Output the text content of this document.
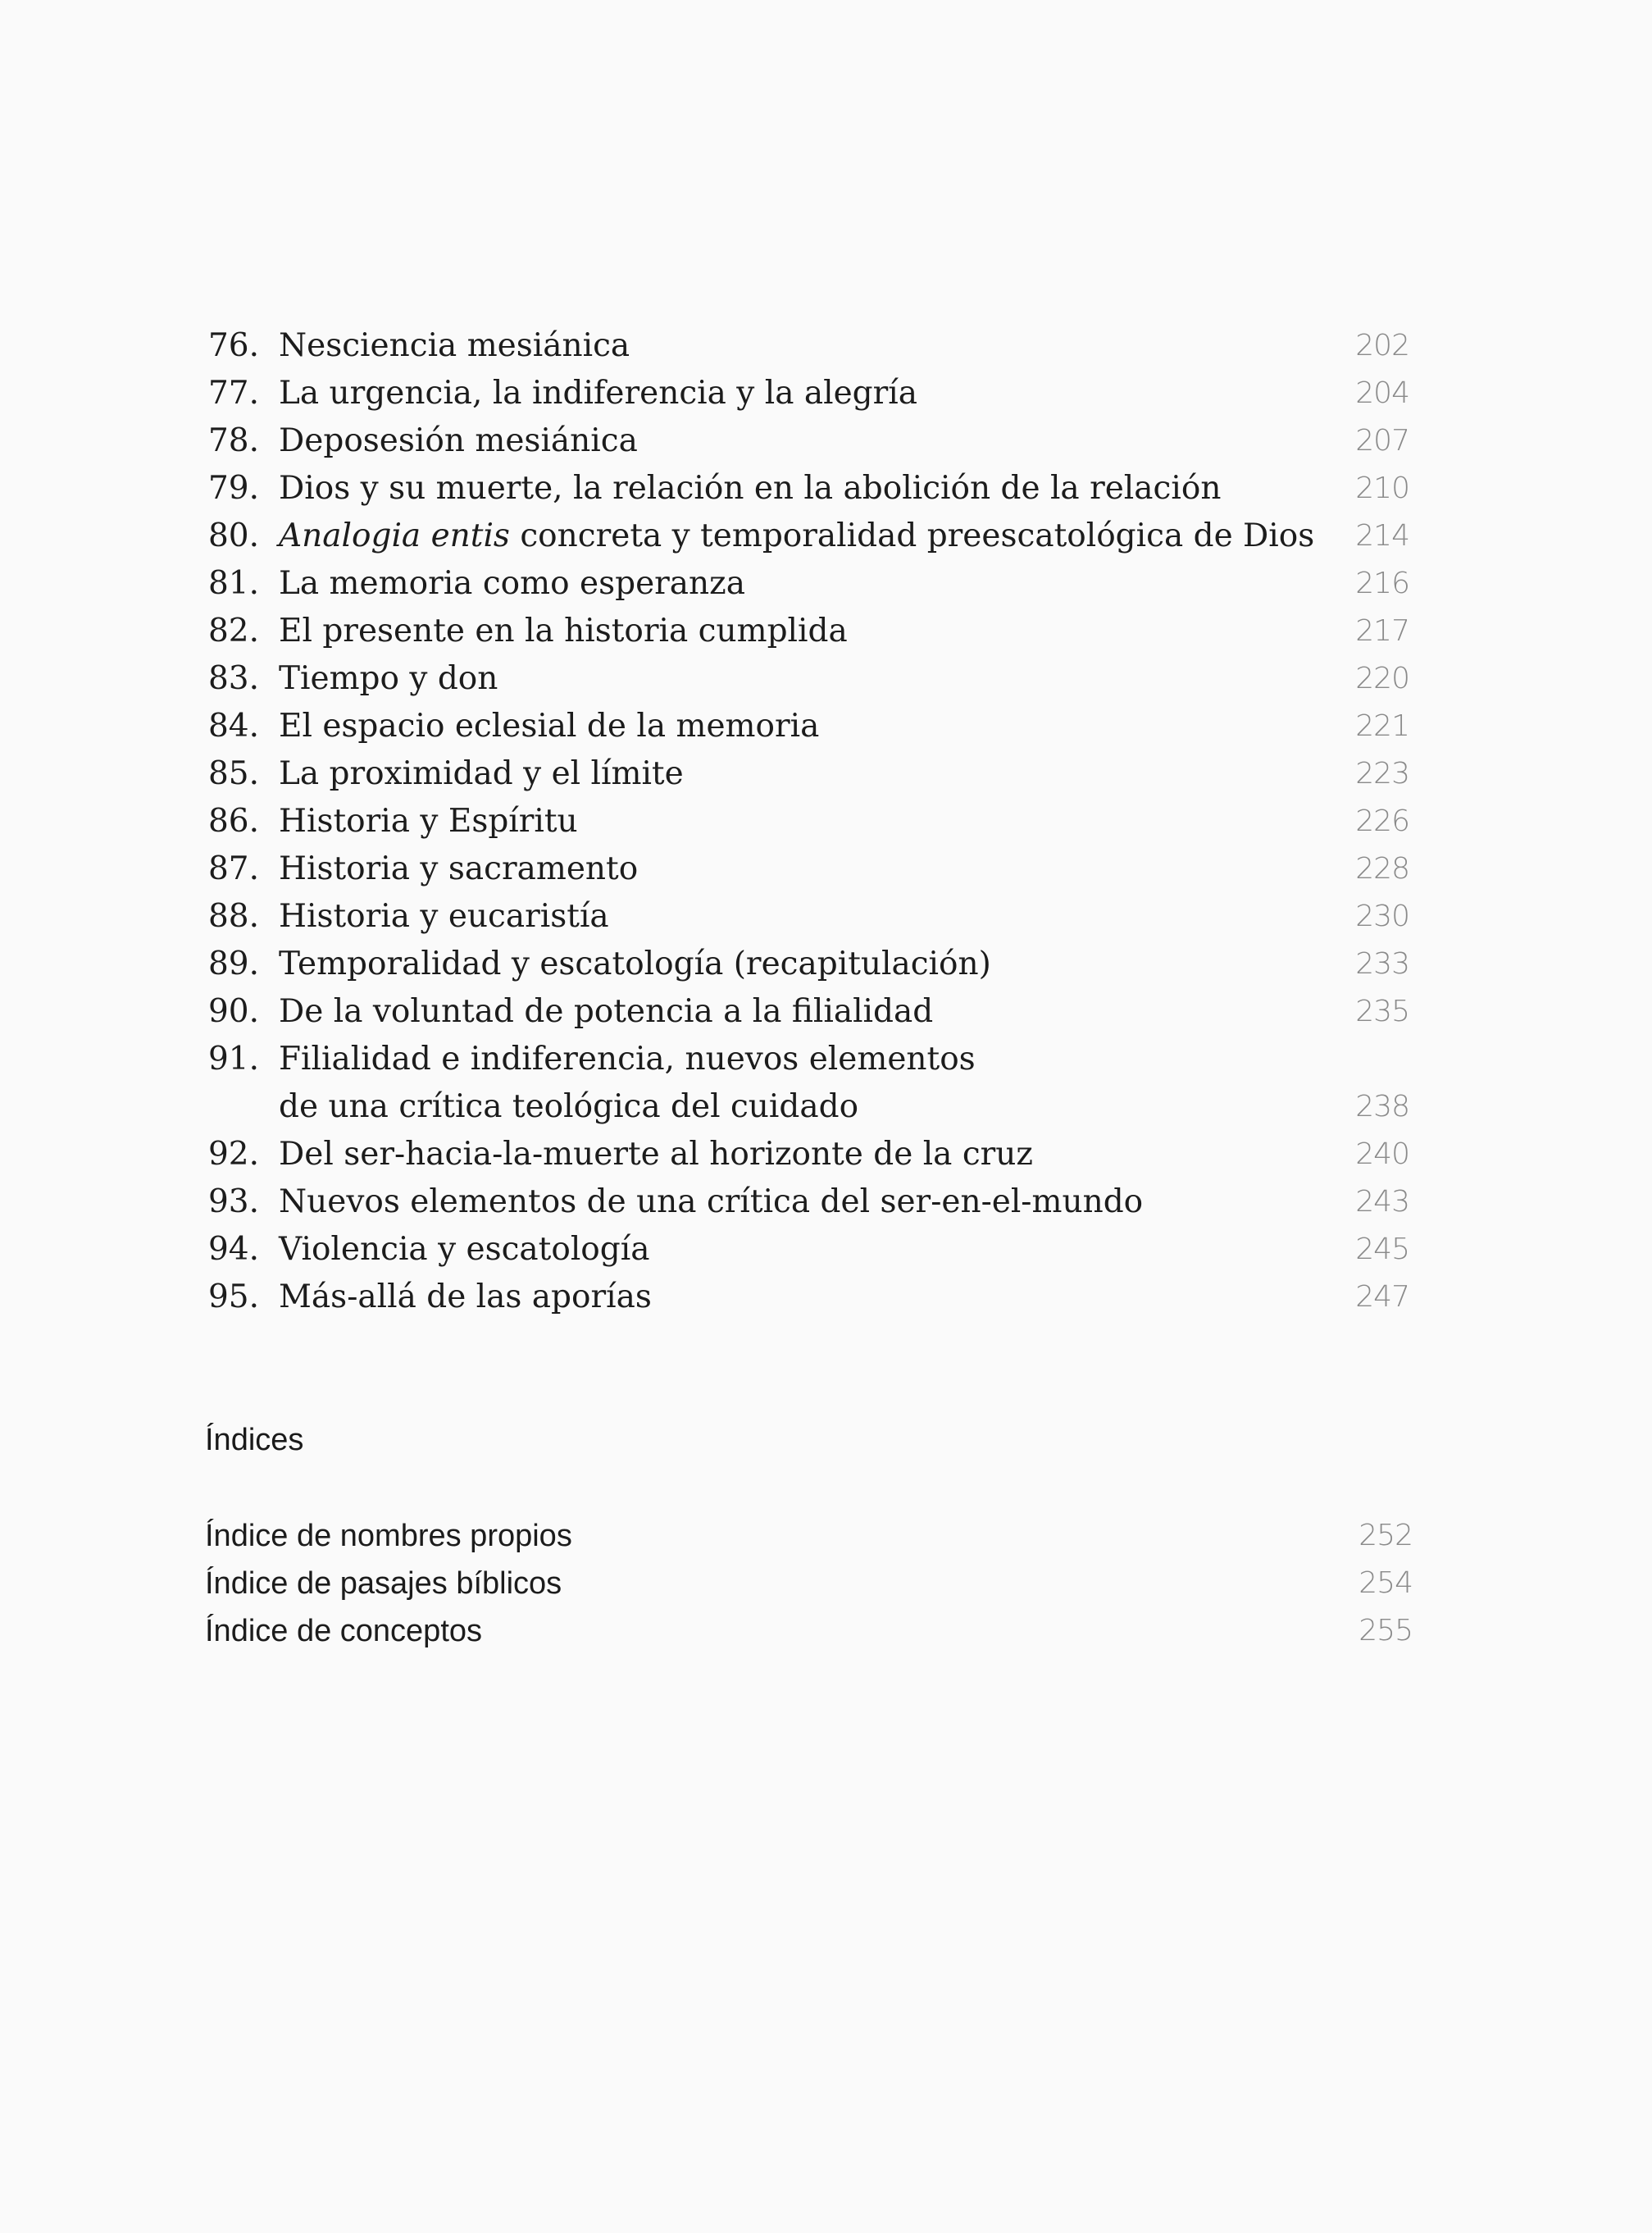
76. Nesciencia mesiánica	202
77. La urgencia, la indiferencia y la alegría	204
78. Deposesión mesiánica	207
79. Dios y su muerte, la relación en la abolición de la relación	210
80. Analogia entis concreta y temporalidad preescatológica de Dios 214
81. La memoria como esperanza	216
82. El presente en la historia cumplida	217
83. Tiempo y don	220
84. El espacio eclesial de la memoria	221
85. La proximidad y el límite	223
86. Historia y Espíritu	226
87. Historia y sacramento	228
88. Historia y eucaristía	230
89. Temporalidad y escatología (recapitulación)	233
90. De la voluntad de potencia a la filialidad	235
91. Filialidad e indiferencia, nuevos elementos
de una crítica teológica del cuidado	238
92. Del ser-hacia-la-muerte al horizonte de la cruz	240
93. Nuevos elementos de una crítica del ser-en-el-mundo	243
94. Violencia y escatología	245
95. Más-allá de las aporías	247
Índices
Índice de nombres propios	252
Índice de pasajes bíblicos	254
Índice de conceptos	255
